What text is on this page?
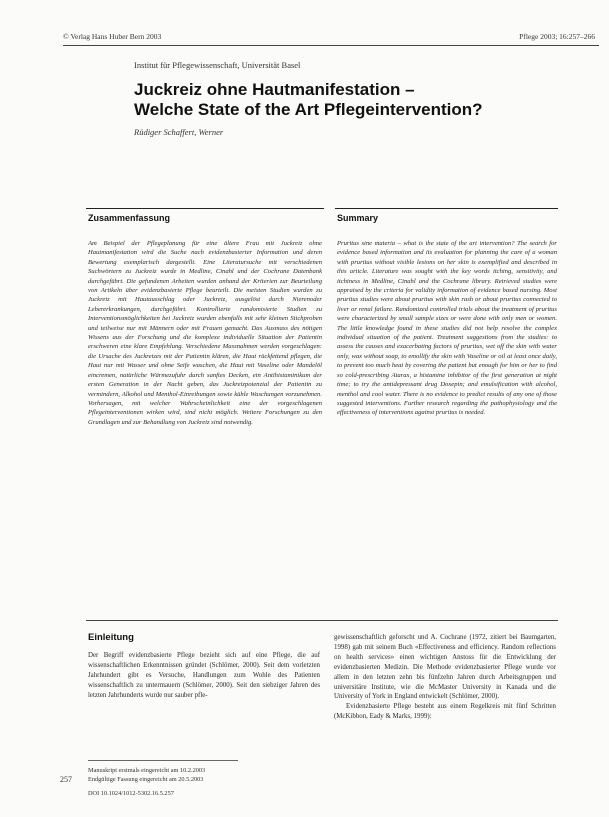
© Verlag Hans Huber Bern 2003	Pflege 2003; 16:257–266
Institut für Pflegewissenschaft, Universität Basel
Juckreiz ohne Hautmanifestation –
Welche State of the Art Pflegeintervention?
Rüdiger Schaffert, Werner
Zusammenfassung

Am Beispiel der Pflegeplanung für eine ältere Frau mit Juckreiz ohne Hautmanifestation wird die Suche nach evidenzbasierter Information und deren Bewertung exemplarisch dargestellt. Eine Literatursuche mit verschiedenen Suchwörtern zu Juckreiz wurde in Medline, Cinahl und der Cochrane Datenbank durchgeführt. Die gefundenen Arbeiten wurden anhand der Kriterien zur Beurteilung von Artikeln über evidenzbasierte Pflege beurteilt. Die meisten Studien wurden zu Juckreiz mit Hautausschlag oder Juckreiz, ausgelöst durch Nierenoder Lebererkrankungen, durchgeführt. Kontrollierte randomisierte Studien zu Interventionsmöglichkeiten bei Juckreiz wurden ebenfalls mit sehr kleinen Stichproben und teilweise nur mit Männern oder mit Frauen gemacht. Das Ausmass des nötigen Wissens aus der Forschung und die komplexe individuelle Situation der Patientin erschweren eine klare Empfehlung. Verschiedene Massnahmen werden vorgeschlagen: die Ursache des Juckreizes mit der Patientin klären, die Haut rückfettend pflegen, die Haut nur mit Wasser und ohne Seife waschen, die Haut mit Vaseline oder Mandelöl eincremen, natürliche Wärmezufuhr durch sanftes Decken, ein Antihistaminikum der ersten Generation in der Nacht geben, das Juckreizpotenzial der Patientin zu vermindern, Alkohol und Menthol-Einreibungen sowie kühle Waschungen vorzunehmen. Vorhersagen, mit welcher Wahrscheinlichkeit eine der vorgeschlagenen Pflegeinterventionen wirken wird, sind nicht möglich. Weitere Forschungen zu den Grundlagen und zur Behandlung von Juckreiz sind notwendig.

Summary

Pruritus sine materia – what is the state of the art intervention? The search for evidence based information and its evaluation for planning the care of a woman with pruritus without visible lesions on her skin is exemplified and described in this article. Literature was sought with the key words itching, sensitivity, and itchiness in Medline, Cinahl and the Cochrane library. Retrieved studies were appraised by the criteria for validity information of evidence based nursing. Most pruritus studies were about pruritus with skin rash or about pruritus connected to liver or renal failure. Randomized controlled trials about the treatment of pruritus were characterized by small sample sizes or were done with only men or women. The little knowledge found in these studies did not help resolve the complex individual situation of the patient. Treatment suggestions from the studies: to assess the causes and exacerbating factors of pruritus, wet off the skin with water only, wax without soap, to emollify the skin with Vaseline or oil at least once daily, to prevent too much heat by covering the patient but enough for him or her to find so cold-prescribing Atarax, a histamine inhibitor of the first generation at night time; to try the antidepressant drug Doxepin; and emulsification with alcohol, menthol and cool water. There is no evidence to predict results of any one of those suggested interventions. Further research regarding the pathophysiology and the effectiveness of interventions against pruritus is needed.

Einleitung

Der Begriff evidenzbasierte Pflege bezieht sich auf eine Pflege, die auf wissenschaftlichen Erkenntnissen gründet (Schlömer, 2000). Seit dem vorletzten Jahrhundert gibt es Versuche, Handlungen zum Wohle des Patienten wissenschaftlich zu untermauern (Schlömer, 2000). Seit den siebziger Jahren des letzten Jahrhunderts wurde nur sauber pfle-

gewissenschaftlich geforscht und A. Cochrane (1972, zitiert bei Baumgarten, 1998) gab mit seinem Buch «Effectiveness and efficiency. Random reflections on health services» einen wichtigen Anstoss für die Entwicklung der evidenzbasierten Medizin. Die Methode evidenzbasierter Pflege wurde vor allem in den letzten zehn bis fünfzehn Jahren durch Arbeitsgruppen und universitäre Institute, wie die McMaster University in Kanada und die University of York in England entwickelt (Schlömer, 2000).

Evidenzbasierte Pflege besteht aus einem Regelkreis mit fünf Schritten (McKibbon, Eady & Marks, 1999):

257
Manuskript erstmals eingereicht am 10.2.2003
Endgültige Fassung eingereicht am 20.5.2003
DOI 10.1024/1012-5302.16.5.257
